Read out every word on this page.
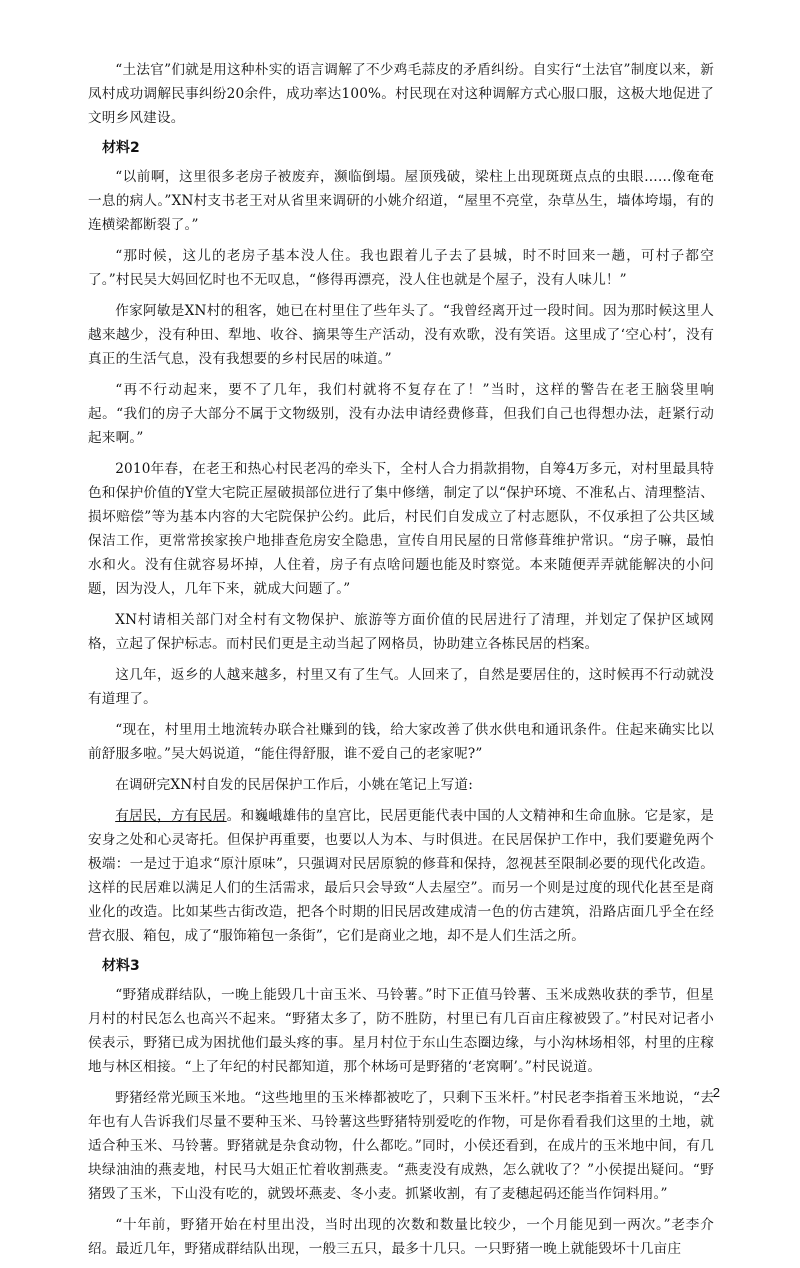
“土法官”们就是用这种朴实的语言调解了不少鸡毛蒜皮的矛盾纠纷。自实行“土法官”制度以来，新凤村成功调解民事纠纷20余件，成功率达100%。村民现在对这种调解方式心服口服，这极大地促进了文明乡风建设。

材料2

“以前啊，这里很多老房子被废弃，濒临倒塌。屋顶残破，梁柱上出现斑斑点点的虫眼……像奄奄一息的病人。”XN村支书老王对从省里来调研的小姚介绍道，“屋里不亮堂，杂草丛生，墙体垮塌，有的连横梁都断裂了。”

“那时候，这儿的老房子基本没人住。我也跟着儿子去了县城，时不时回来一趟，可村子都空了。”村民吴大妈回忆时也不无叹息，“修得再漂亮，没人住也就是个屋子，没有人味儿！”

作家阿敏是XN村的租客，她已在村里住了些年头了。“我曾经离开过一段时间。因为那时候这里人越来越少，没有种田、犁地、收谷、摘果等生产活动，没有欢歌，没有笑语。这里成了‘空心村’，没有真正的生活气息，没有我想要的乡村民居的味道。”

“再不行动起来，要不了几年，我们村就将不复存在了！”当时，这样的警告在老王脑袋里响起。“我们的房子大部分不属于文物级别，没有办法申请经费修葺，但我们自己也得想办法，赶紧行动起来啊。”

2010年春，在老王和热心村民老冯的牵头下，全村人合力捐款捐物，自筹4万多元，对村里最具特色和保护价值的Y堂大宅院正屋破损部位进行了集中修缮，制定了以“保护环境、不准私占、清理整洁、损坏赔偿”等为基本内容的大宅院保护公约。此后，村民们自发成立了村志愿队，不仅承担了公共区域保洁工作，更常常挨家挨户地排查危房安全隐患，宣传自用民屋的日常修葺维护常识。“房子嘛，最怕水和火。没有住就容易坏掉，人住着，房子有点啥问题也能及时察觉。本来随便弄弄就能解决的小问题，因为没人，几年下来，就成大问题了。”

XN村请相关部门对全村有文物保护、旅游等方面价值的民居进行了清理，并划定了保护区域网格，立起了保护标志。而村民们更是主动当起了网格员，协助建立各栋民居的档案。

这几年，返乡的人越来越多，村里又有了生气。人回来了，自然是要居住的，这时候再不行动就没有道理了。

“现在，村里用土地流转办联合社赚到的钱，给大家改善了供水供电和通讯条件。住起来确实比以前舒服多啦。”吴大妈说道，“能住得舒服，谁不爱自己的老家呢?”

在调研完XN村自发的民居保护工作后，小姚在笔记上写道:

有居民，方有民居。和巍峨雄伟的皇宫比，民居更能代表中国的人文精神和生命血脉。它是家，是安身之处和心灵寄托。但保护再重要，也要以人为本、与时俱进。在民居保护工作中，我们要避免两个极端：一是过于追求“原汁原味”，只强调对民居原貌的修葺和保持，忽视甚至限制必要的现代化改造。这样的民居难以满足人们的生活需求，最后只会导致“人去屋空”。而另一个则是过度的现代化甚至是商业化的改造。比如某些古街改造，把各个时期的旧民居改建成清一色的仿古建筑，沿路店面几乎全在经营衣服、箱包，成了“服饰箱包一条街”，它们是商业之地，却不是人们生活之所。

材料3

“野猪成群结队，一晚上能毁几十亩玉米、马铃薯。”时下正值马铃薯、玉米成熟收获的季节，但星月村的村民怎么也高兴不起来。“野猪太多了，防不胜防，村里已有几百亩庄稼被毁了。”村民对记者小侯表示，野猪已成为困扰他们最头疼的事。星月村位于东山生态圈边缘，与小沟林场相邻，村里的庄稼地与林区相接。“上了年纪的村民都知道，那个林场可是野猪的‘老窝啊’。”村民说道。

野猪经常光顾玉米地。“这些地里的玉米棒都被吃了，只剩下玉米杆。”村民老李指着玉米地说，“去年也有人告诉我们尽量不要种玉米、马铃薯这些野猪特别爱吃的作物，可是你看看我们这里的土地，就适合种玉米、马铃薯。野猪就是杂食动物，什么都吃。”同时，小侯还看到，在成片的玉米地中间，有几块绿油油的燕麦地，村民马大姐正忙着收割燕麦。“燕麦没有成熟，怎么就收了？”小侯提出疑问。“野猪毁了玉米，下山没有吃的，就毁坏燕麦、冬小麦。抓紧收割，有了麦穗起码还能当作饲料用。”

“十年前，野猪开始在村里出没，当时出现的次数和数量比较少，一个月能见到一两次。”老李介绍。最近几年，野猪成群结队出现，一般三五只，最多十几只。一只野猪一晚上就能毁坏十几亩庄

2
